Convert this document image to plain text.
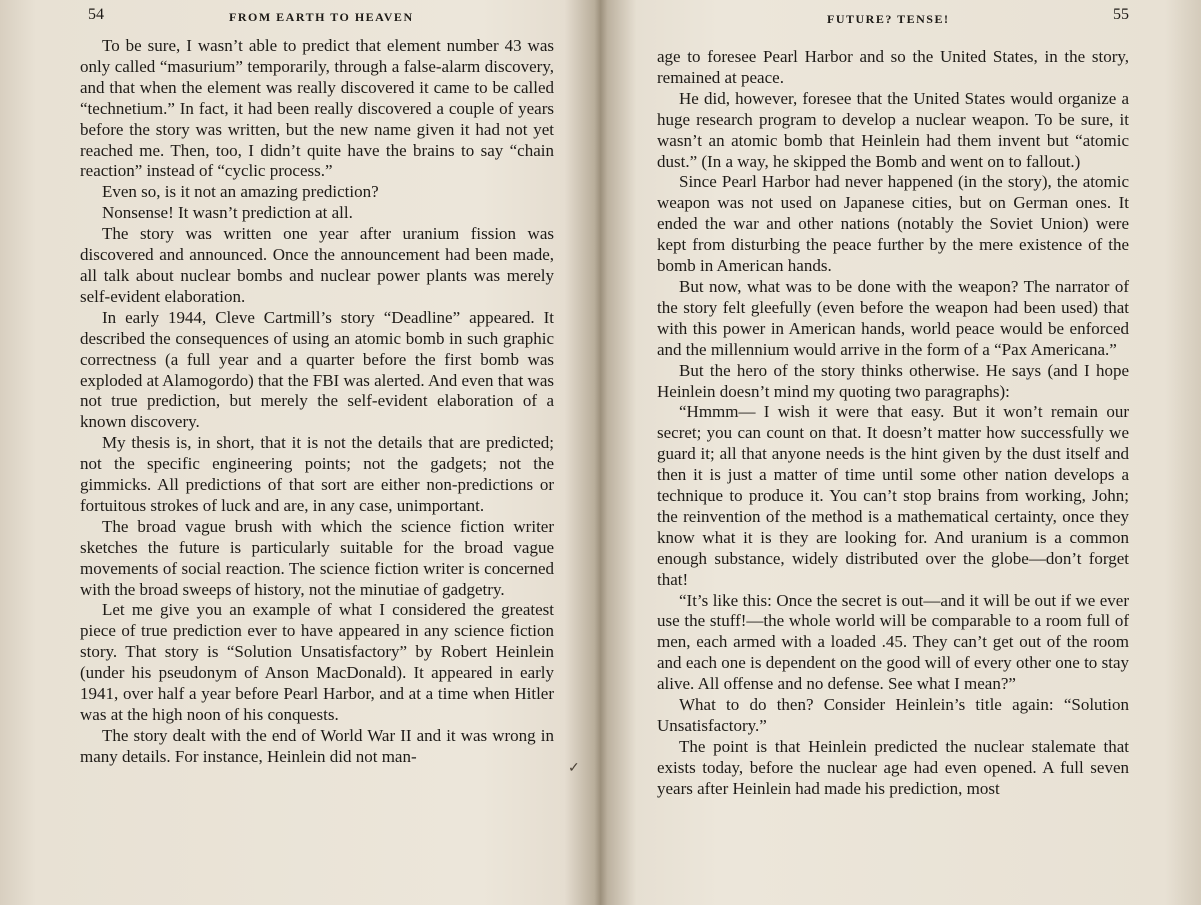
54	FROM EARTH TO HEAVEN

To be sure, I wasn’t able to predict that element number 43 was only called “masurium” temporarily, through a false-alarm discovery, and that when the element was really discovered it came to be called “technetium.” In fact, it had been really discovered a couple of years before the story was written, but the new name given it had not yet reached me. Then, too, I didn’t quite have the brains to say “chain reaction” instead of “cyclic process.”

Even so, is it not an amazing prediction?

Nonsense! It wasn’t prediction at all.

The story was written one year after uranium fission was discovered and announced. Once the announcement had been made, all talk about nuclear bombs and nuclear power plants was merely self-evident elaboration.

In early 1944, Cleve Cartmill’s story “Deadline” appeared. It described the consequences of using an atomic bomb in such graphic correctness (a full year and a quarter before the first bomb was exploded at Alamogordo) that the FBI was alerted. And even that was not true prediction, but merely the self-evident elaboration of a known discovery.

My thesis is, in short, that it is not the details that are predicted; not the specific engineering points; not the gadgets; not the gimmicks. All predictions of that sort are either non-predictions or fortuitous strokes of luck and are, in any case, unimportant.

The broad vague brush with which the science fiction writer sketches the future is particularly suitable for the broad vague movements of social reaction. The science fiction writer is concerned with the broad sweeps of history, not the minutiae of gadgetry.

Let me give you an example of what I considered the greatest piece of true prediction ever to have appeared in any science fiction story. That story is “Solution Unsatisfactory” by Robert Heinlein (under his pseudonym of Anson MacDonald). It appeared in early 1941, over half a year before Pearl Harbor, and at a time when Hitler was at the high noon of his conquests.

The story dealt with the end of World War II and it was wrong in many details. For instance, Heinlein did not man-

✓
FUTURE? TENSE!	55

age to foresee Pearl Harbor and so the United States, in the story, remained at peace.

He did, however, foresee that the United States would organize a huge research program to develop a nuclear weapon. To be sure, it wasn’t an atomic bomb that Heinlein had them invent but “atomic dust.” (In a way, he skipped the Bomb and went on to fallout.)

Since Pearl Harbor had never happened (in the story), the atomic weapon was not used on Japanese cities, but on German ones. It ended the war and other nations (notably the Soviet Union) were kept from disturbing the peace further by the mere existence of the bomb in American hands.

But now, what was to be done with the weapon? The narrator of the story felt gleefully (even before the weapon had been used) that with this power in American hands, world peace would be enforced and the millennium would arrive in the form of a “Pax Americana.”

But the hero of the story thinks otherwise. He says (and I hope Heinlein doesn’t mind my quoting two paragraphs):

“Hmmm— I wish it were that easy. But it won’t remain our secret; you can count on that. It doesn’t matter how successfully we guard it; all that anyone needs is the hint given by the dust itself and then it is just a matter of time until some other nation develops a technique to produce it. You can’t stop brains from working, John; the reinvention of the method is a mathematical certainty, once they know what it is they are looking for. And uranium is a common enough substance, widely distributed over the globe—don’t forget that!

“It’s like this: Once the secret is out—and it will be out if we ever use the stuff!—the whole world will be comparable to a room full of men, each armed with a loaded .45. They can’t get out of the room and each one is dependent on the good will of every other one to stay alive. All offense and no defense. See what I mean?”

What to do then? Consider Heinlein’s title again: “Solution Unsatisfactory.”

The point is that Heinlein predicted the nuclear stalemate that exists today, before the nuclear age had even opened. A full seven years after Heinlein had made his prediction, most
